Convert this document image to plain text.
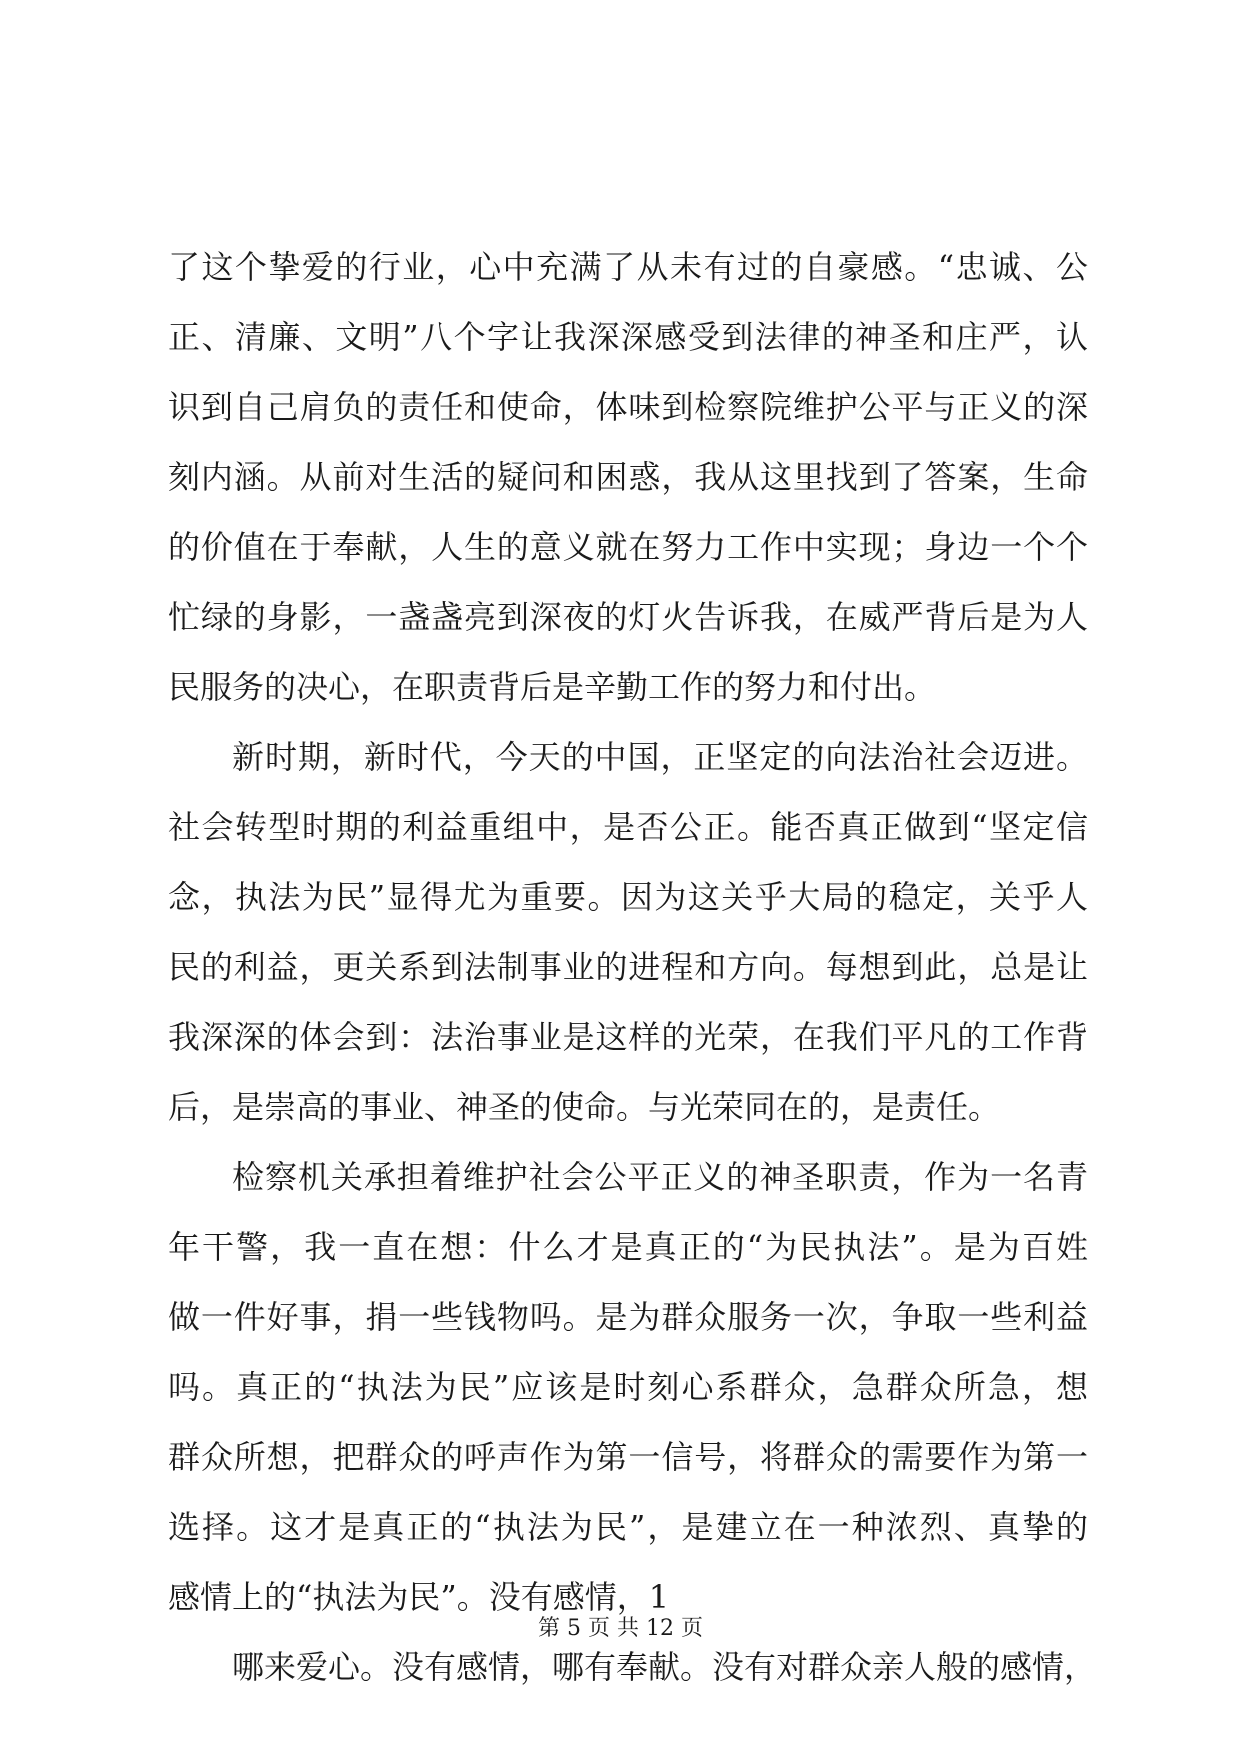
了这个挚爱的行业，心中充满了从未有过的自豪感。“忠诚、公
正、清廉、文明”八个字让我深深感受到法律的神圣和庄严，认
识到自己肩负的责任和使命，体味到检察院维护公平与正义的深
刻内涵。从前对生活的疑问和困惑，我从这里找到了答案，生命
的价值在于奉献，人生的意义就在努力工作中实现；身边一个个
忙绿的身影，一盏盏亮到深夜的灯火告诉我，在威严背后是为人
民服务的决心，在职责背后是辛勤工作的努力和付出。
新时期，新时代，今天的中国，正坚定的向法治社会迈进。
社会转型时期的利益重组中，是否公正。能否真正做到“坚定信
念，执法为民”显得尤为重要。因为这关乎大局的稳定，关乎人
民的利益，更关系到法制事业的进程和方向。每想到此，总是让
我深深的体会到：法治事业是这样的光荣，在我们平凡的工作背
后，是崇高的事业、神圣的使命。与光荣同在的，是责任。
检察机关承担着维护社会公平正义的神圣职责，作为一名青
年干警，我一直在想：什么才是真正的“为民执法”。是为百姓
做一件好事，捐一些钱物吗。是为群众服务一次，争取一些利益
吗。真正的“执法为民”应该是时刻心系群众，急群众所急，想
群众所想，把群众的呼声作为第一信号，将群众的需要作为第一
选择。这才是真正的“执法为民”，是建立在一种浓烈、真挚的
感情上的“执法为民”。没有感情，1
哪来爱心。没有感情，哪有奉献。没有对群众亲人般的感情，
第 5 页 共 12 页
